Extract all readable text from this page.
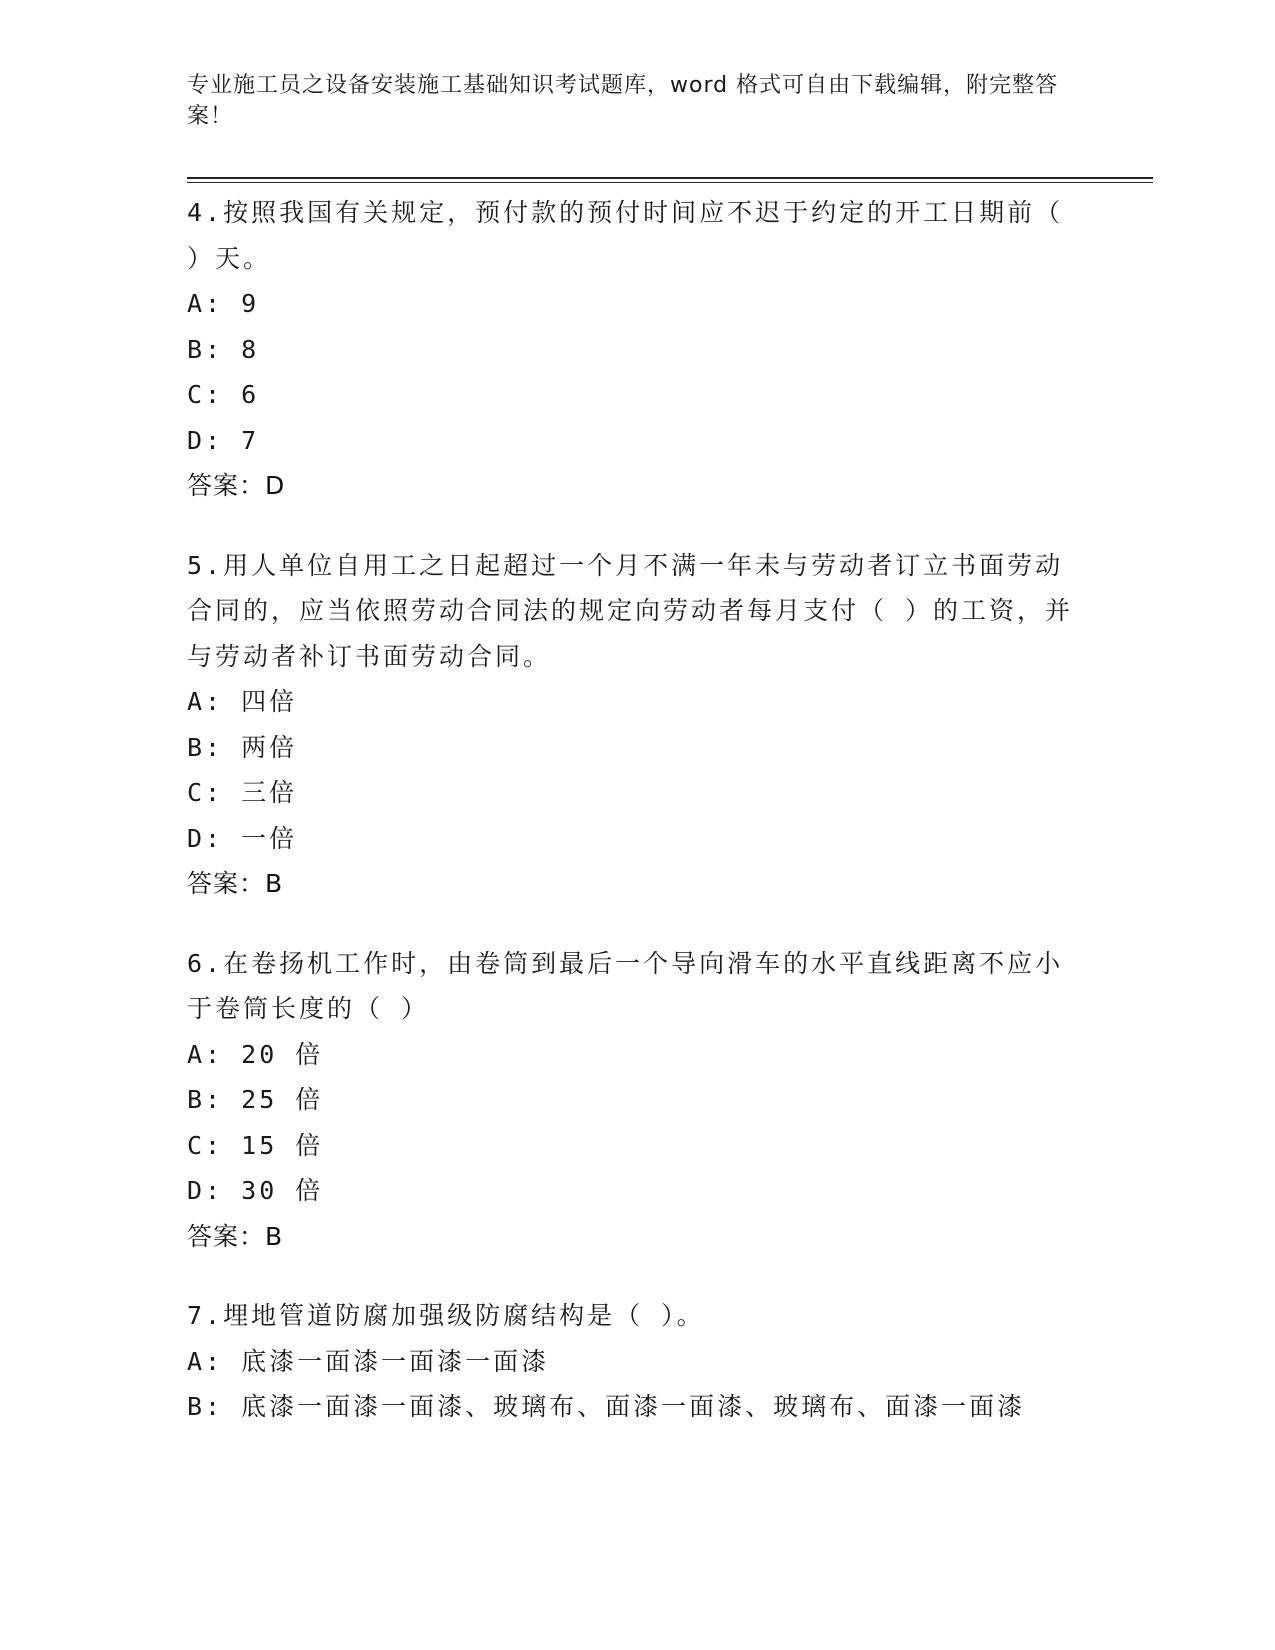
专业施工员之设备安装施工基础知识考试题库，word 格式可自由下载编辑，附完整答案！
4.按照我国有关规定，预付款的预付时间应不迟于约定的开工日期前（ ）天。
A: 9
B: 8
C: 6
D: 7
答案：D
5.用人单位自用工之日起超过一个月不满一年未与劳动者订立书面劳动合同的，应当依照劳动合同法的规定向劳动者每月支付（ ）的工资，并与劳动者补订书面劳动合同。
A: 四倍
B: 两倍
C: 三倍
D: 一倍
答案：B
6.在卷扬机工作时，由卷筒到最后一个导向滑车的水平直线距离不应小于卷筒长度的（ ）
A: 20 倍
B: 25 倍
C: 15 倍
D: 30 倍
答案：B
7.埋地管道防腐加强级防腐结构是（ ）。
A: 底漆一面漆一面漆一面漆
B: 底漆一面漆一面漆、玻璃布、面漆一面漆、玻璃布、面漆一面漆
